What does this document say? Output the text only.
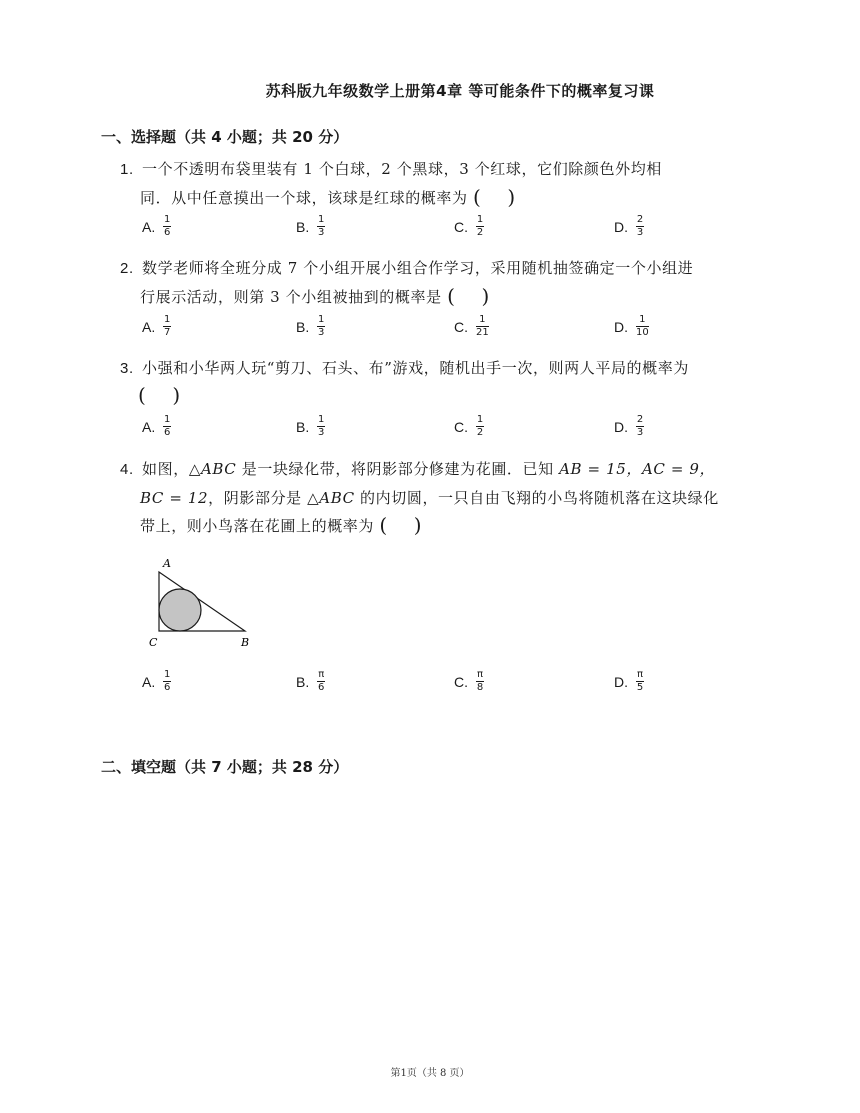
苏科版九年级数学上册第4章 等可能条件下的概率复习课
一、选择题（共 4 小题；共 20 分）
1. 一个不透明布袋里装有 1 个白球，2 个黑球，3 个红球，它们除颜色外均相
同．从中任意摸出一个球，该球是红球的概率为 ( )
A. $\frac{1}{6}$	B. $\frac{1}{3}$	C. $\frac{1}{2}$	D. $\frac{2}{3}$
2. 数学老师将全班分成 7 个小组开展小组合作学习，采用随机抽签确定一个小组进
行展示活动，则第 3 个小组被抽到的概率是 ( )
A. $\frac{1}{7}$	B. $\frac{1}{3}$	C. $\frac{1}{21}$	D. $\frac{1}{10}$
3. 小强和小华两人玩“剪刀、石头、布”游戏，随机出手一次，则两人平局的概率为
( )
A. $\frac{1}{6}$	B. $\frac{1}{3}$	C. $\frac{1}{2}$	D. $\frac{2}{3}$
4. 如图，△ABC 是一块绿化带，将阴影部分修建为花圃．已知 AB = 15，AC = 9，
BC = 12，阴影部分是 △ABC 的内切圆，一只自由飞翔的小鸟将随机落在这块绿化
带上，则小鸟落在花圃上的概率为 ( )
A
C	B
A. $\frac{1}{6}$	B. $\frac{\pi}{6}$	C. $\frac{\pi}{8}$	D. $\frac{\pi}{5}$
二、填空题（共 7 小题；共 28 分）
第1页（共 8 页）
